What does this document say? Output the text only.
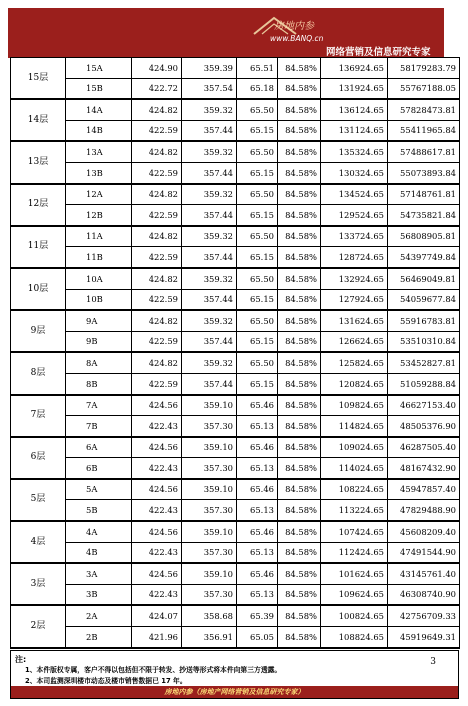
房地内参
www.BANQ.cn
网络营销及信息研究专家
15层	15A	424.90	359.39	65.51	84.58%	136924.65	58179283.79
	15B	422.72	357.54	65.18	84.58%	131924.65	55767188.05
14层	14A	424.82	359.32	65.50	84.58%	136124.65	57828473.81
	14B	422.59	357.44	65.15	84.58%	131124.65	55411965.84
13层	13A	424.82	359.32	65.50	84.58%	135324.65	57488617.81
	13B	422.59	357.44	65.15	84.58%	130324.65	55073893.84
12层	12A	424.82	359.32	65.50	84.58%	134524.65	57148761.81
	12B	422.59	357.44	65.15	84.58%	129524.65	54735821.84
11层	11A	424.82	359.32	65.50	84.58%	133724.65	56808905.81
	11B	422.59	357.44	65.15	84.58%	128724.65	54397749.84
10层	10A	424.82	359.32	65.50	84.58%	132924.65	56469049.81
	10B	422.59	357.44	65.15	84.58%	127924.65	54059677.84
9层	9A	424.82	359.32	65.50	84.58%	131624.65	55916783.81
	9B	422.59	357.44	65.15	84.58%	126624.65	53510310.84
8层	8A	424.82	359.32	65.50	84.58%	125824.65	53452827.81
	8B	422.59	357.44	65.15	84.58%	120824.65	51059288.84
7层	7A	424.56	359.10	65.46	84.58%	109824.65	46627153.40
	7B	422.43	357.30	65.13	84.58%	114824.65	48505376.90
6层	6A	424.56	359.10	65.46	84.58%	109024.65	46287505.40
	6B	422.43	357.30	65.13	84.58%	114024.65	48167432.90
5层	5A	424.56	359.10	65.46	84.58%	108224.65	45947857.40
	5B	422.43	357.30	65.13	84.58%	113224.65	47829488.90
4层	4A	424.56	359.10	65.46	84.58%	107424.65	45608209.40
	4B	422.43	357.30	65.13	84.58%	112424.65	47491544.90
3层	3A	424.56	359.10	65.46	84.58%	101624.65	43145761.40
	3B	422.43	357.30	65.13	84.58%	109624.65	46308740.90
2层	2A	424.07	358.68	65.39	84.58%	100824.65	42756709.33
	2B	421.96	356.91	65.05	84.58%	108824.65	45919649.31
注:
1、本件版权专属，客户不得以包括但不限于转发、抄送等形式将本件向第三方透露。
2、本司监测深圳楼市动态及楼市销售数据已 17 年。
3
房地内参（房地产网络营销及信息研究专家）
